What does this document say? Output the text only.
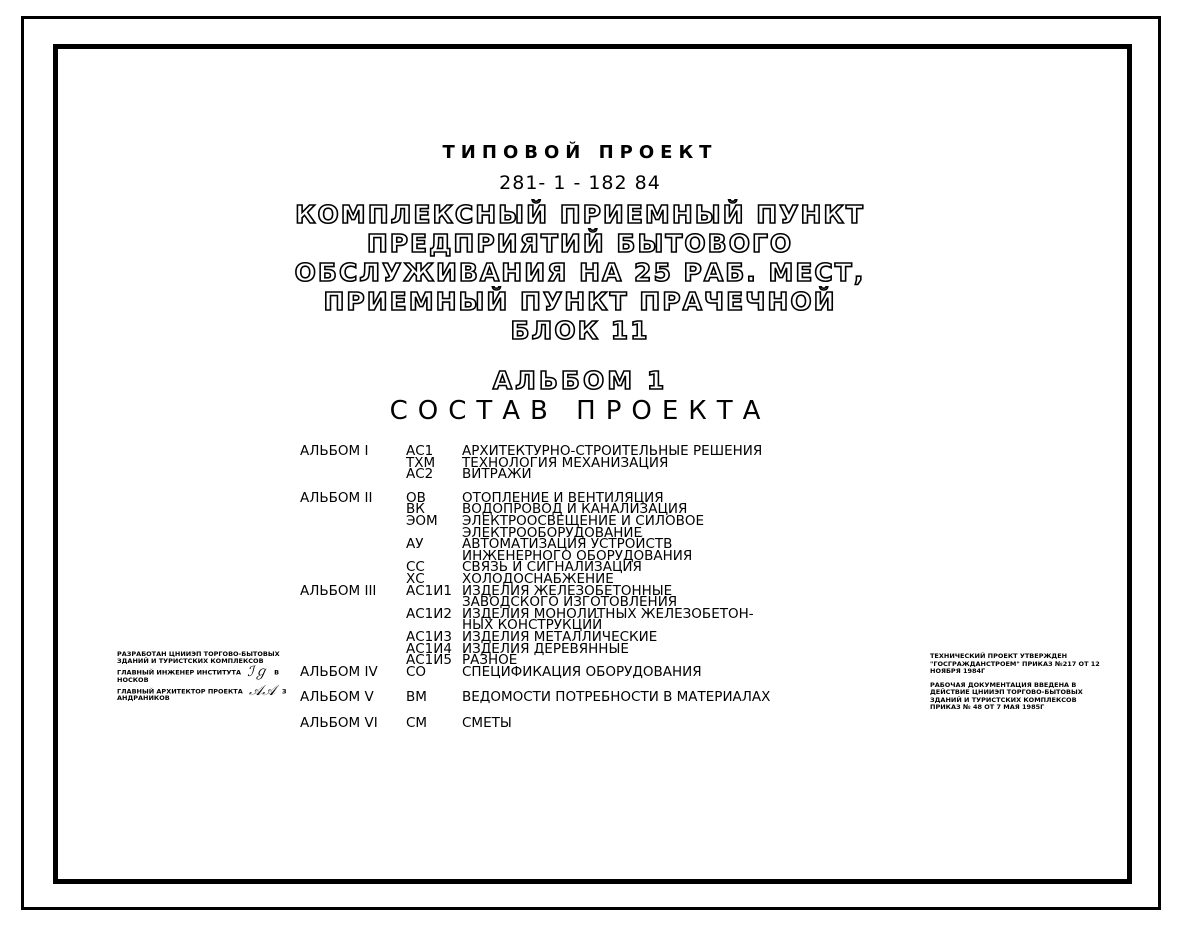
ТИПОВОЙ ПРОЕКТ
281- 1 - 182 84
КОМПЛЕКСНЫЙ ПРИЕМНЫЙ ПУНКТ
ПРЕДПРИЯТИЙ БЫТОВОГО
ОБСЛУЖИВАНИЯ НА 25 РАБ. МЕСТ,
ПРИЕМНЫЙ ПУНКТ ПРАЧЕЧНОЙ
БЛОК 11
АЛЬБОМ 1
СОСТАВ ПРОЕКТА
АЛЬБОМ I	АС1	АРХИТЕКТУРНО-СТРОИТЕЛЬНЫЕ РЕШЕНИЯ
ТХМ	ТЕХНОЛОГИЯ МЕХАНИЗАЦИЯ
АС2	ВИТРАЖИ
АЛЬБОМ II	ОВ	ОТОПЛЕНИЕ И ВЕНТИЛЯЦИЯ
ВК	ВОДОПРОВОД И КАНАЛИЗАЦИЯ
ЭОМ	ЭЛЕКТРООСВЕЩЕНИЕ И СИЛОВОЕ
ЭЛЕКТРООБОРУДОВАНИЕ
АУ	АВТОМАТИЗАЦИЯ УСТРОЙСТВ
ИНЖЕНЕРНОГО ОБОРУДОВАНИЯ
СС	СВЯЗЬ И СИГНАЛИЗАЦИЯ
ХС	ХОЛОДОСНАБЖЕНИЕ
АЛЬБОМ III	АС1И1 ИЗДЕЛИЯ ЖЕЛЕЗОБЕТОННЫЕ
ЗАВОДСКОГО ИЗГОТОВЛЕНИЯ
АС1И2 ИЗДЕЛИЯ МОНОЛИТНЫХ ЖЕЛЕЗОБЕТОН-
НЫХ КОНСТРУКЦИЙ
АС1И3 ИЗДЕЛИЯ МЕТАЛЛИЧЕСКИЕ
АС1И4 ИЗДЕЛИЯ ДЕРЕВЯННЫЕ
АС1И5 РАЗНОЕ
АЛЬБОМ IV	СО	СПЕЦИФИКАЦИЯ ОБОРУДОВАНИЯ
АЛЬБОМ V	ВМ	ВЕДОМОСТИ ПОТРЕБНОСТИ В МАТЕРИАЛАХ
АЛЬБОМ VI	СМ	СМЕТЫ
РАЗРАБОТАН ЦНИИЭП ТОРГОВО-БЫТОВЫХ ЗДАНИЙ И ТУРИСТСКИХ КОМПЛЕКСОВ
ГЛАВНЫЙ ИНЖЕНЕР ИНСТИТУТА ℐℊ В НОСКОВ
ГЛАВНЫЙ АРХИТЕКТОР ПРОЕКТА 𝒜𝒜 З АНДРАНИКОВ
ТЕХНИЧЕСКИЙ ПРОЕКТ УТВЕРЖДЕН "ГОСГРАЖДАНСТРОЕМ" ПРИКАЗ №217 ОТ 12 НОЯБРЯ 1984Г
РАБОЧАЯ ДОКУМЕНТАЦИЯ ВВЕДЕНА В ДЕЙСТВИЕ ЦНИИЭП ТОРГОВО-БЫТОВЫХ ЗДАНИЙ И ТУРИСТСКИХ КОМПЛЕКСОВ ПРИКАЗ № 48 ОТ 7 МАЯ 1985Г
